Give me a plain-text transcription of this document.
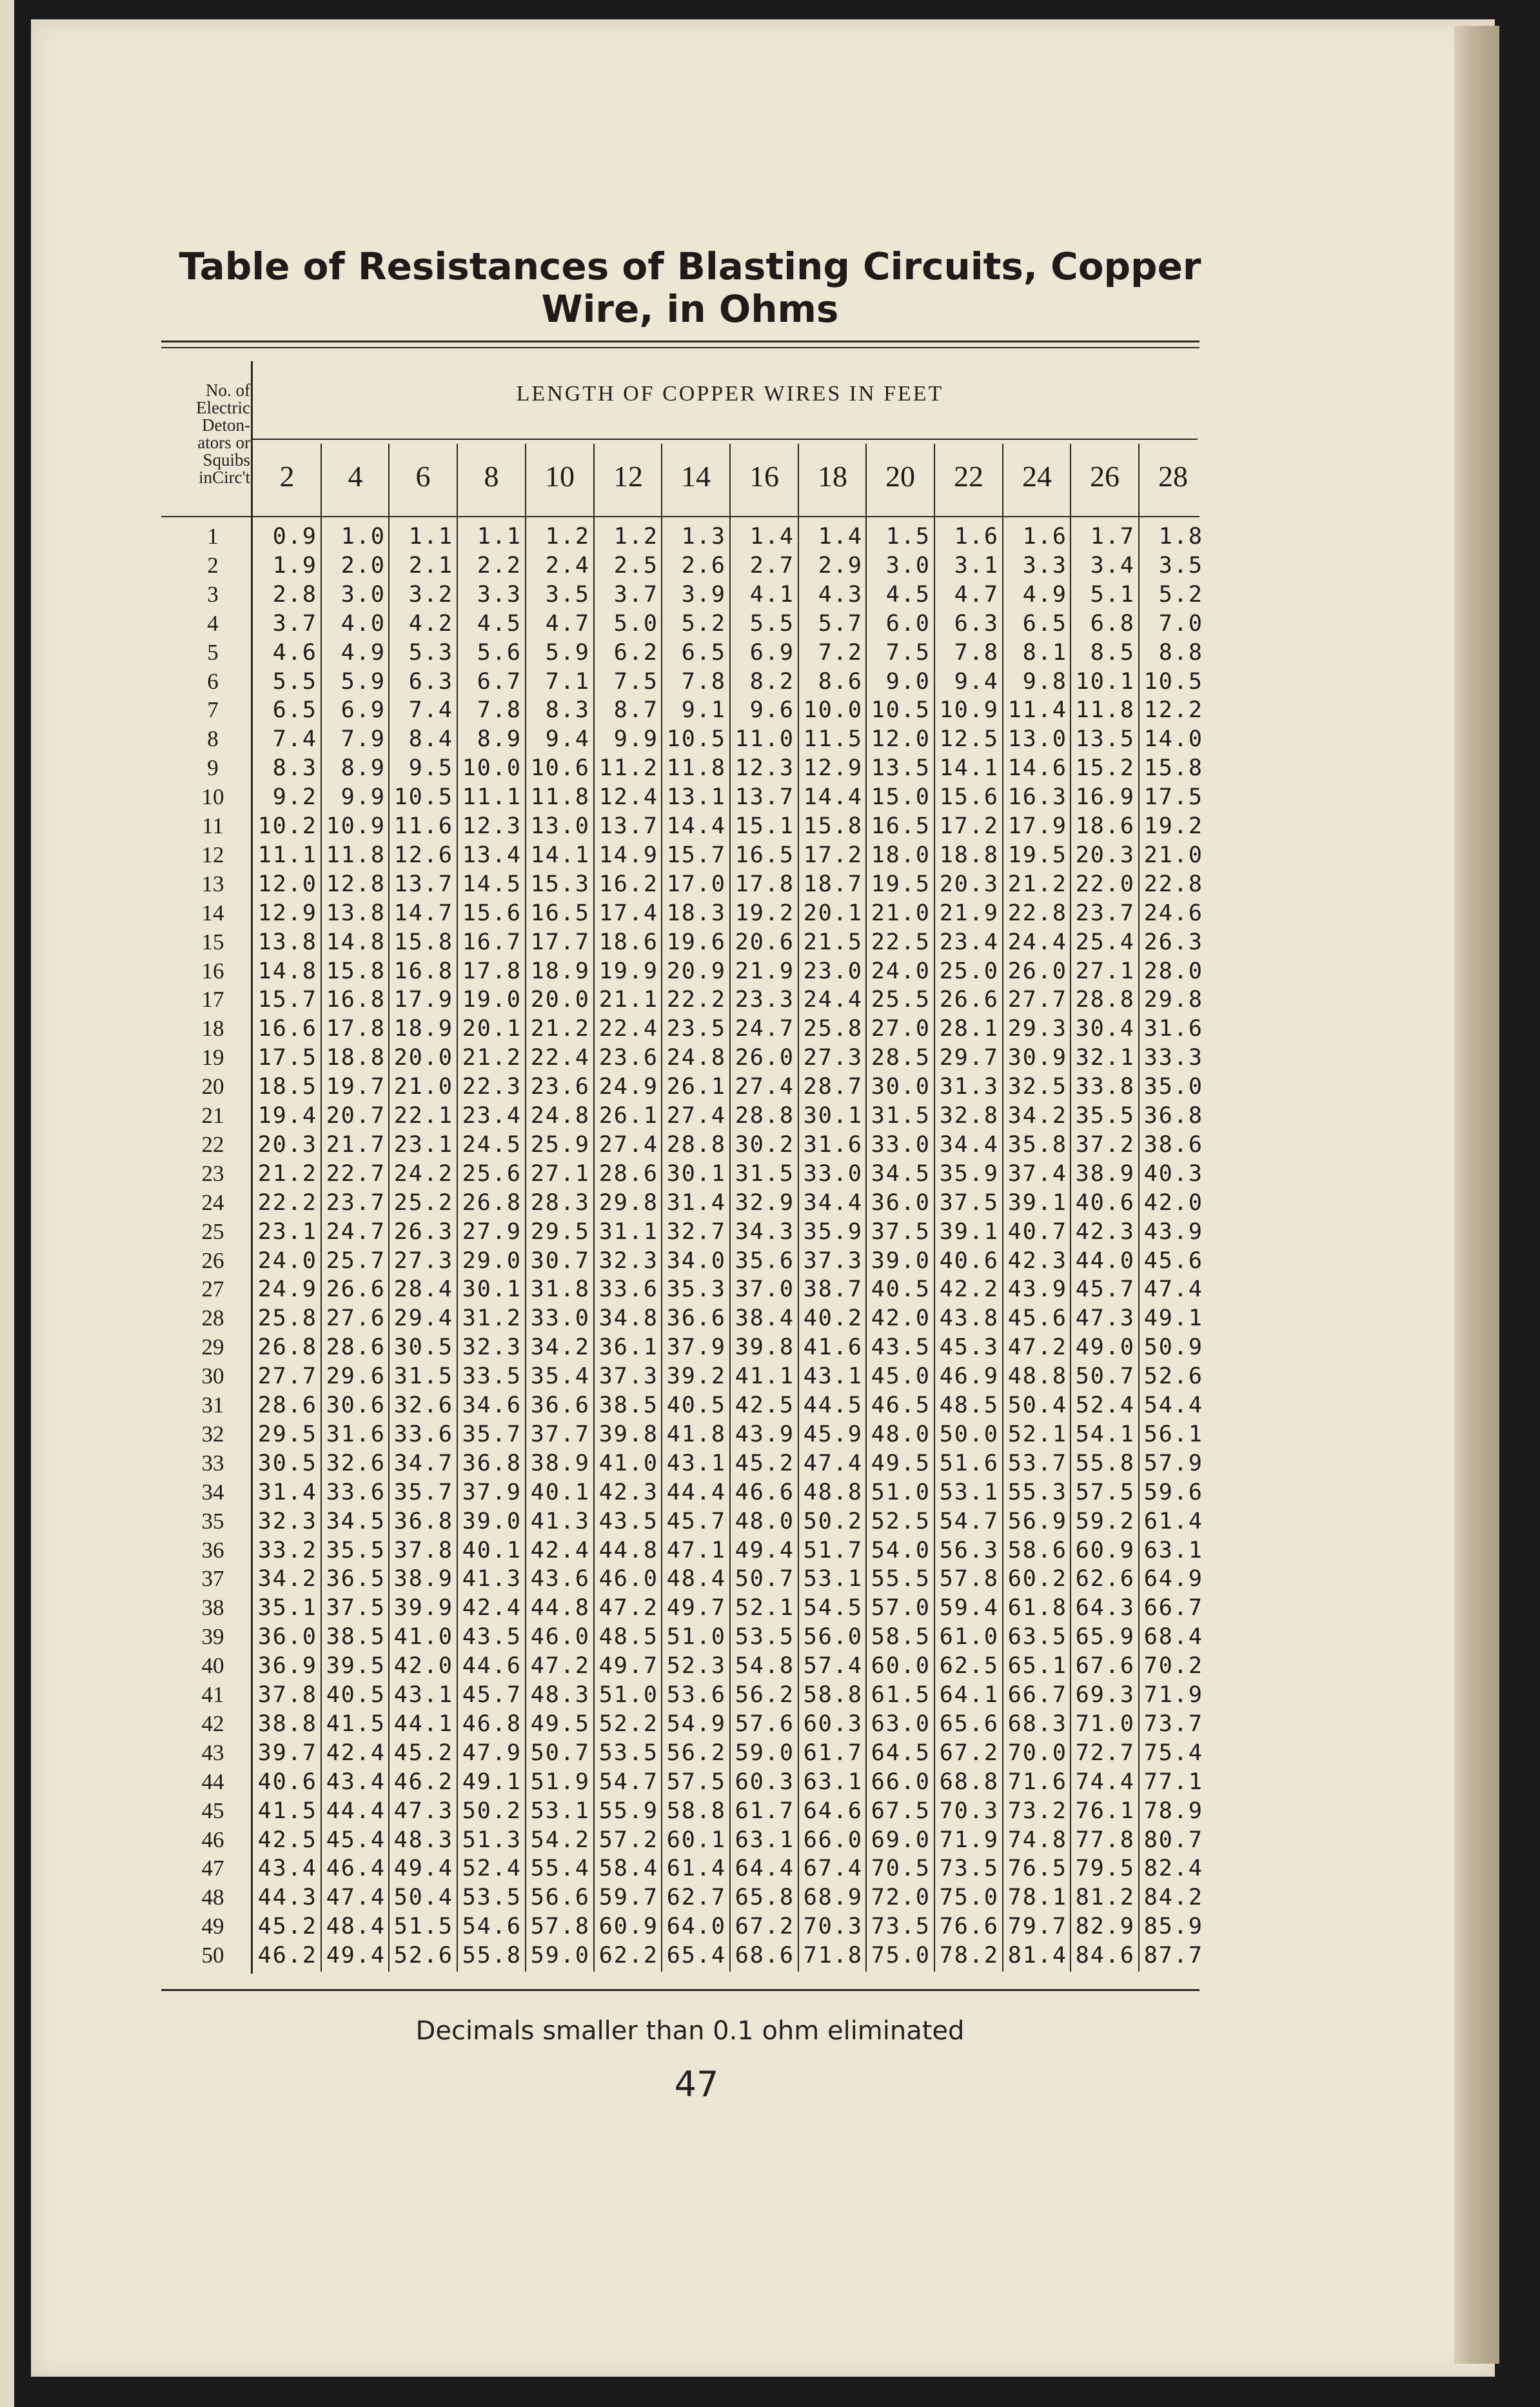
Table of Resistances of Blasting Circuits, Copper
Wire, in Ohms
No. of
Electric
Deton-
ators or
Squibs
inCirc't
LENGTH OF COPPER WIRES IN FEET
2	4	6	8	10	12	14	16	18	20	22	24	26	28
1	0.9	1.0	1.1	1.1	1.2	1.2	1.3	1.4	1.4	1.5	1.6	1.6	1.7	1.8
2	1.9	2.0	2.1	2.2	2.4	2.5	2.6	2.7	2.9	3.0	3.1	3.3	3.4	3.5
3	2.8	3.0	3.2	3.3	3.5	3.7	3.9	4.1	4.3	4.5	4.7	4.9	5.1	5.2
4	3.7	4.0	4.2	4.5	4.7	5.0	5.2	5.5	5.7	6.0	6.3	6.5	6.8	7.0
5	4.6	4.9	5.3	5.6	5.9	6.2	6.5	6.9	7.2	7.5	7.8	8.1	8.5	8.8
6	5.5	5.9	6.3	6.7	7.1	7.5	7.8	8.2	8.6	9.0	9.4	9.8 10.1 10.5
7	6.5	6.9	7.4	7.8	8.3	8.7	9.1	9.6 10.0 10.5 10.9 11.4 11.8 12.2
8	7.4	7.9	8.4	8.9	9.4	9.9 10.5 11.0 11.5 12.0 12.5 13.0 13.5 14.0
9	8.3	8.9	9.5 10.0 10.6 11.2 11.8 12.3 12.9 13.5 14.1 14.6 15.2 15.8
10	9.2	9.9 10.5 11.1 11.8 12.4 13.1 13.7 14.4 15.0 15.6 16.3 16.9 17.5
11	10.2 10.9 11.6 12.3 13.0 13.7 14.4 15.1 15.8 16.5 17.2 17.9 18.6 19.2
12	11.1 11.8 12.6 13.4 14.1 14.9 15.7 16.5 17.2 18.0 18.8 19.5 20.3 21.0
13	12.0 12.8 13.7 14.5 15.3 16.2 17.0 17.8 18.7 19.5 20.3 21.2 22.0 22.8
14	12.9 13.8 14.7 15.6 16.5 17.4 18.3 19.2 20.1 21.0 21.9 22.8 23.7 24.6
15	13.8 14.8 15.8 16.7 17.7 18.6 19.6 20.6 21.5 22.5 23.4 24.4 25.4 26.3
16	14.8 15.8 16.8 17.8 18.9 19.9 20.9 21.9 23.0 24.0 25.0 26.0 27.1 28.0
17	15.7 16.8 17.9 19.0 20.0 21.1 22.2 23.3 24.4 25.5 26.6 27.7 28.8 29.8
18	16.6 17.8 18.9 20.1 21.2 22.4 23.5 24.7 25.8 27.0 28.1 29.3 30.4 31.6
19	17.5 18.8 20.0 21.2 22.4 23.6 24.8 26.0 27.3 28.5 29.7 30.9 32.1 33.3
20	18.5 19.7 21.0 22.3 23.6 24.9 26.1 27.4 28.7 30.0 31.3 32.5 33.8 35.0
21	19.4 20.7 22.1 23.4 24.8 26.1 27.4 28.8 30.1 31.5 32.8 34.2 35.5 36.8
22	20.3 21.7 23.1 24.5 25.9 27.4 28.8 30.2 31.6 33.0 34.4 35.8 37.2 38.6
23	21.2 22.7 24.2 25.6 27.1 28.6 30.1 31.5 33.0 34.5 35.9 37.4 38.9 40.3
24	22.2 23.7 25.2 26.8 28.3 29.8 31.4 32.9 34.4 36.0 37.5 39.1 40.6 42.0
25	23.1 24.7 26.3 27.9 29.5 31.1 32.7 34.3 35.9 37.5 39.1 40.7 42.3 43.9
26	24.0 25.7 27.3 29.0 30.7 32.3 34.0 35.6 37.3 39.0 40.6 42.3 44.0 45.6
27	24.9 26.6 28.4 30.1 31.8 33.6 35.3 37.0 38.7 40.5 42.2 43.9 45.7 47.4
28	25.8 27.6 29.4 31.2 33.0 34.8 36.6 38.4 40.2 42.0 43.8 45.6 47.3 49.1
29	26.8 28.6 30.5 32.3 34.2 36.1 37.9 39.8 41.6 43.5 45.3 47.2 49.0 50.9
30	27.7 29.6 31.5 33.5 35.4 37.3 39.2 41.1 43.1 45.0 46.9 48.8 50.7 52.6
31	28.6 30.6 32.6 34.6 36.6 38.5 40.5 42.5 44.5 46.5 48.5 50.4 52.4 54.4
32	29.5 31.6 33.6 35.7 37.7 39.8 41.8 43.9 45.9 48.0 50.0 52.1 54.1 56.1
33	30.5 32.6 34.7 36.8 38.9 41.0 43.1 45.2 47.4 49.5 51.6 53.7 55.8 57.9
34	31.4 33.6 35.7 37.9 40.1 42.3 44.4 46.6 48.8 51.0 53.1 55.3 57.5 59.6
35	32.3 34.5 36.8 39.0 41.3 43.5 45.7 48.0 50.2 52.5 54.7 56.9 59.2 61.4
36	33.2 35.5 37.8 40.1 42.4 44.8 47.1 49.4 51.7 54.0 56.3 58.6 60.9 63.1
37	34.2 36.5 38.9 41.3 43.6 46.0 48.4 50.7 53.1 55.5 57.8 60.2 62.6 64.9
38	35.1 37.5 39.9 42.4 44.8 47.2 49.7 52.1 54.5 57.0 59.4 61.8 64.3 66.7
39	36.0 38.5 41.0 43.5 46.0 48.5 51.0 53.5 56.0 58.5 61.0 63.5 65.9 68.4
40	36.9 39.5 42.0 44.6 47.2 49.7 52.3 54.8 57.4 60.0 62.5 65.1 67.6 70.2
41	37.8 40.5 43.1 45.7 48.3 51.0 53.6 56.2 58.8 61.5 64.1 66.7 69.3 71.9
42	38.8 41.5 44.1 46.8 49.5 52.2 54.9 57.6 60.3 63.0 65.6 68.3 71.0 73.7
43	39.7 42.4 45.2 47.9 50.7 53.5 56.2 59.0 61.7 64.5 67.2 70.0 72.7 75.4
44	40.6 43.4 46.2 49.1 51.9 54.7 57.5 60.3 63.1 66.0 68.8 71.6 74.4 77.1
45	41.5 44.4 47.3 50.2 53.1 55.9 58.8 61.7 64.6 67.5 70.3 73.2 76.1 78.9
46	42.5 45.4 48.3 51.3 54.2 57.2 60.1 63.1 66.0 69.0 71.9 74.8 77.8 80.7
47	43.4 46.4 49.4 52.4 55.4 58.4 61.4 64.4 67.4 70.5 73.5 76.5 79.5 82.4
48	44.3 47.4 50.4 53.5 56.6 59.7 62.7 65.8 68.9 72.0 75.0 78.1 81.2 84.2
49	45.2 48.4 51.5 54.6 57.8 60.9 64.0 67.2 70.3 73.5 76.6 79.7 82.9 85.9
50	46.2 49.4 52.6 55.8 59.0 62.2 65.4 68.6 71.8 75.0 78.2 81.4 84.6 87.7
Decimals smaller than 0.1 ohm eliminated
47
